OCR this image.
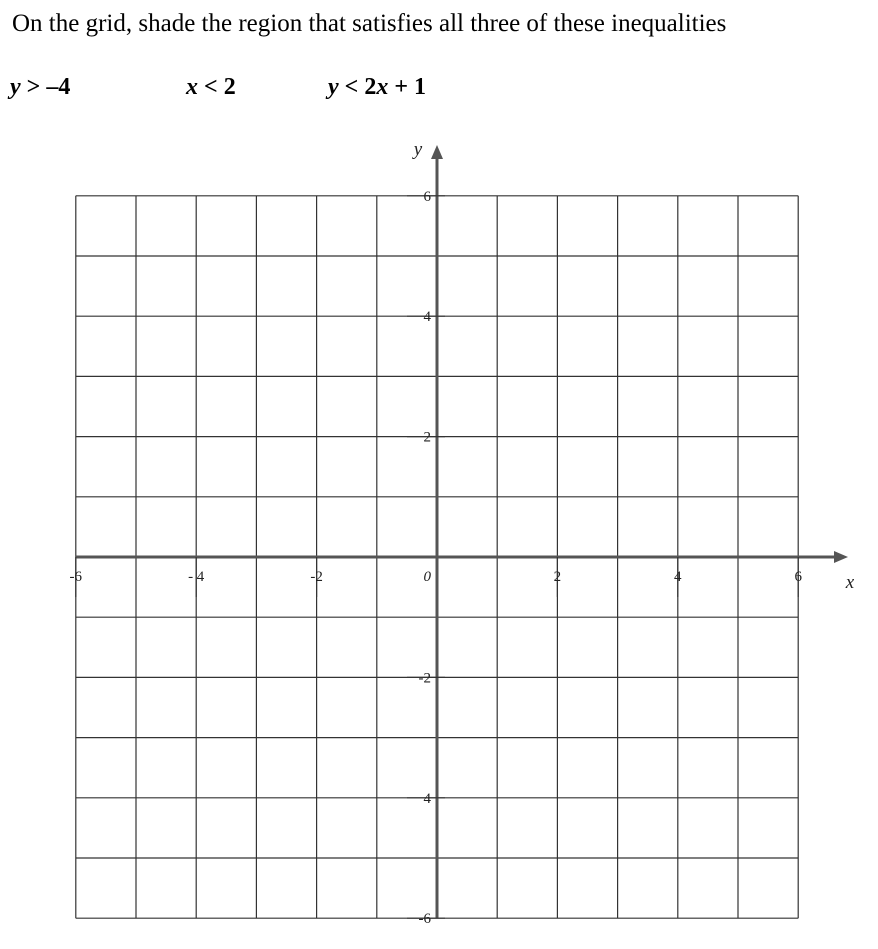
On the grid, shade the region that satisfies all three of these inequalities
y > –4	x < 2	y < 2x + 1
-6	- 4	-2	2	4	6
6
4
2
-2
4
-6
0	x
y
